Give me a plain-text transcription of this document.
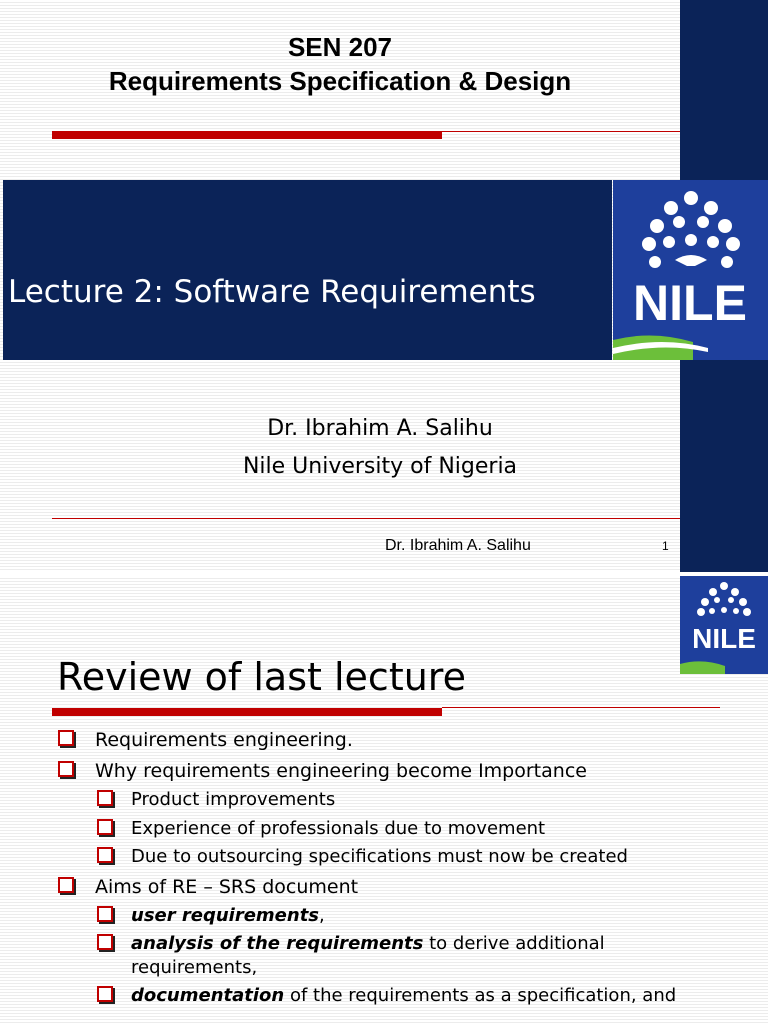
SEN 207
Requirements Specification & Design
Lecture 2: Software Requirements NILE
Dr. Ibrahim A. Salihu
Nile University of Nigeria
Dr. Ibrahim A. Salihu	1
NILE
Review of last lecture
Requirements engineering.
Why requirements engineering become Importance
Product improvements
Experience of professionals due to movement
Due to outsourcing specifications must now be created
Aims of RE – SRS document
user requirements,
analysis of the requirements to derive additional requirements,
documentation of the requirements as a specification, and
